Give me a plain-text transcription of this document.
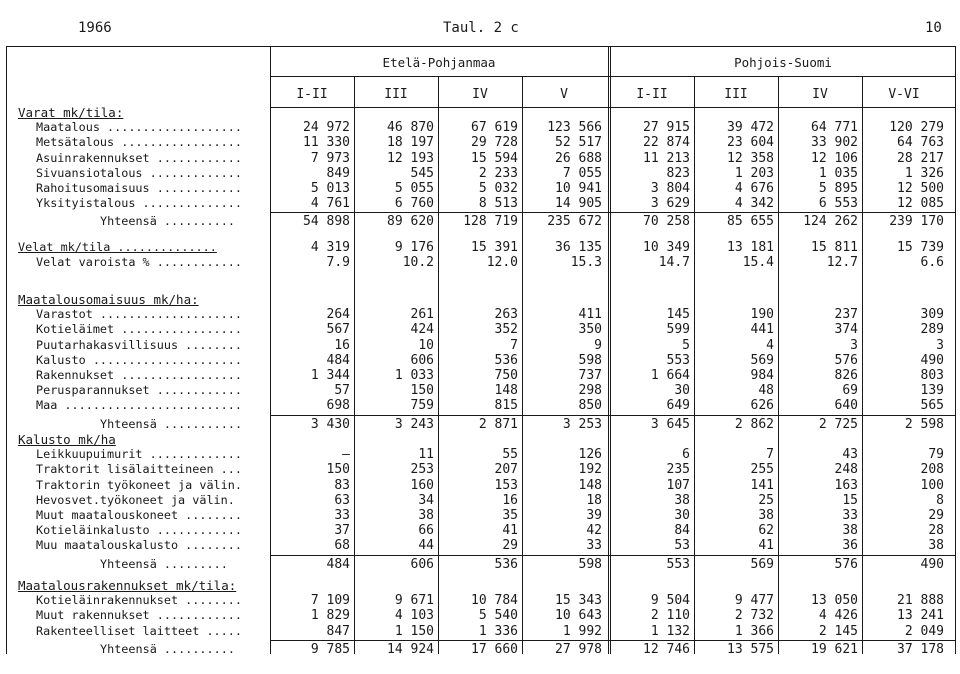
1966	Taul. 2 c	10
Etelä-Pohjanmaa	Pohjois-Suomi
I-II	III	IV	V	I-II	III	IV	V-VI
Varat mk/tila:
Maatalous ...................	24 972	46 870	67 619	123 566	27 915	39 472	64 771	120 279
Metsätalous .................	11 330	18 197	29 728	52 517	22 874	23 604	33 902	64 763
Asuinrakennukset ............	7 973	12 193	15 594	26 688	11 213	12 358	12 106	28 217
Sivuansiotalous .............	849	545	2 233	7 055	823	1 203	1 035	1 326
Rahoitusomaisuus ............	5 013	5 055	5 032	10 941	3 804	4 676	5 895	12 500
Yksityistalous ..............	4 761	6 760	8 513	14 905	3 629	4 342	6 553	12 085
Yhteensä ..........	54 898	89 620	128 719	235 672	70 258	85 655	124 262	239 170
Velat mk/tila ..............	4 319	9 176	15 391	36 135	10 349	13 181	15 811	15 739
Velat varoista % ............	7.9	10.2	12.0	15.3	14.7	15.4	12.7	6.6
Maatalousomaisuus mk/ha:
Varastot ....................	264	261	263	411	145	190	237	309
Kotieläimet .................	567	424	352	350	599	441	374	289
Puutarhakasvillisuus ........	16	10	7	9	5	4	3	3
Kalusto .....................	484	606	536	598	553	569	576	490
Rakennukset .................	1 344	1 033	750	737	1 664	984	826	803
Perusparannukset ............	57	150	148	298	30	48	69	139
Maa .........................	698	759	815	850	649	626	640	565
Yhteensä ...........	3 430	3 243	2 871	3 253	3 645	2 862	2 725	2 598
Kalusto mk/ha
Leikkuupuimurit .............	–	11	55	126	6	7	43	79
Traktorit lisälaitteineen ...	150	253	207	192	235	255	248	208
Traktorin työkoneet ja välin.	83	160	153	148	107	141	163	100
Hevosvet.työkoneet ja välin.	63	34	16	18	38	25	15	8
Muut maatalouskoneet ........	33	38	35	39	30	38	33	29
Kotieläinkalusto ............	37	66	41	42	84	62	38	28
Muu maatalouskalusto ........	68	44	29	33	53	41	36	38
Yhteensä .........	484	606	536	598	553	569	576	490
Maatalousrakennukset mk/tila:
Kotieläinrakennukset ........	7 109	9 671	10 784	15 343	9 504	9 477	13 050	21 888
Muut rakennukset ............	1 829	4 103	5 540	10 643	2 110	2 732	4 426	13 241
Rakenteelliset laitteet .....	847	1 150	1 336	1 992	1 132	1 366	2 145	2 049
Yhteensä ..........	9 785	14 924	17 660	27 978	12 746	13 575	19 621	37 178
